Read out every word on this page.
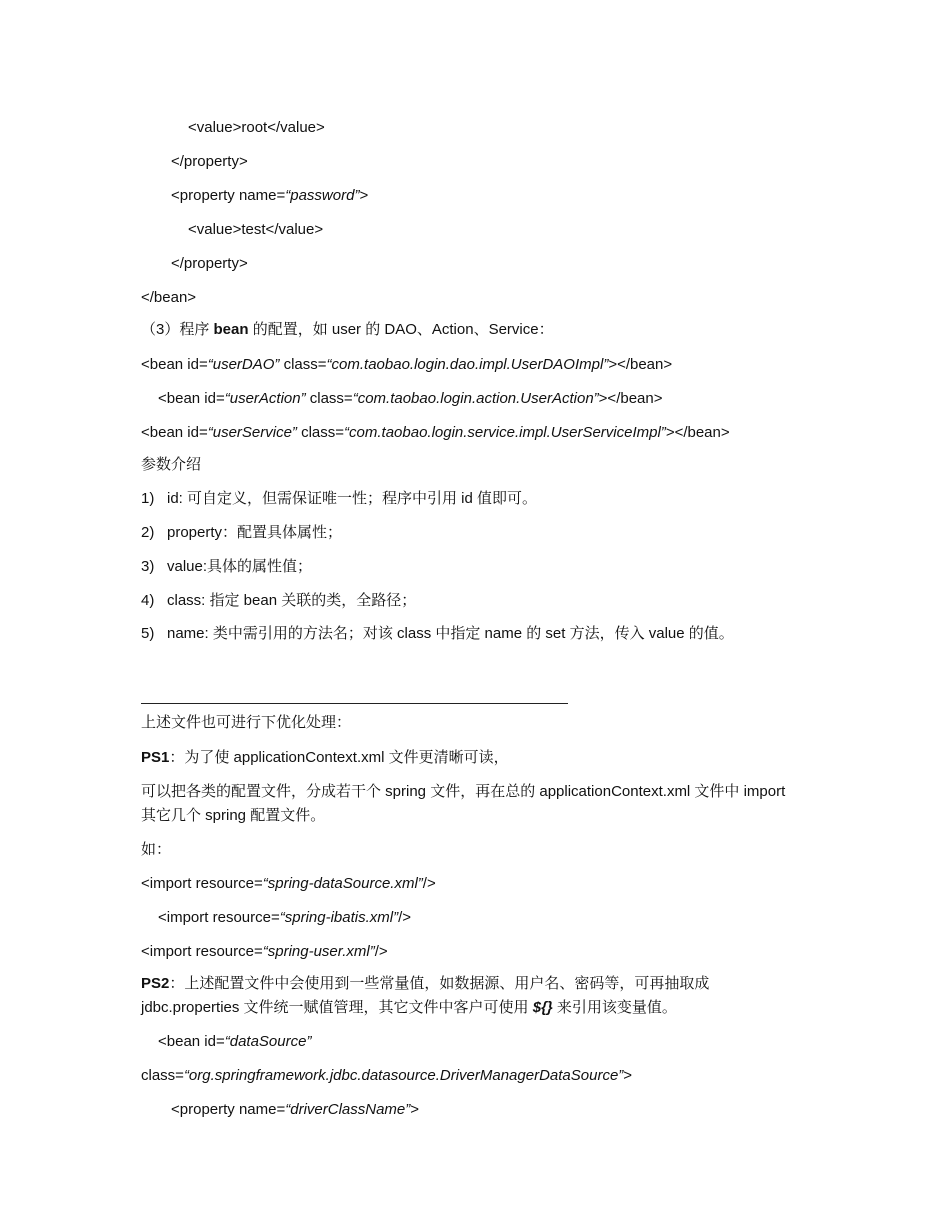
<value>root</value>
</property>
<property name=“password”>
<value>test</value>
</property>
</bean>
（3）程序 bean 的配置，如 user 的 DAO、Action、Service：
<bean id=“userDAO” class=“com.taobao.login.dao.impl.UserDAOImpl”></bean>
<bean id=“userAction” class=“com.taobao.login.action.UserAction”></bean>
<bean id=“userService” class=“com.taobao.login.service.impl.UserServiceImpl”></bean>
参数介绍
1) id: 可自定义，但需保证唯一性；程序中引用 id 值即可。
2) property：配置具体属性；
3) value:具体的属性值；
4) class: 指定 bean 关联的类，全路径；
5) name: 类中需引用的方法名；对该 class 中指定 name 的 set 方法，传入 value 的值。
上述文件也可进行下优化处理：
PS1：为了使 applicationContext.xml 文件更清晰可读，
可以把各类的配置文件，分成若干个 spring 文件，再在总的 applicationContext.xml 文件中 import
其它几个 spring 配置文件。
如：
<import resource=“spring-dataSource.xml”/>
<import resource=“spring-ibatis.xml”/>
<import resource=“spring-user.xml”/>
PS2：上述配置文件中会使用到一些常量值，如数据源、用户名、密码等，可再抽取成
jdbc.properties 文件统一赋值管理，其它文件中客户可使用 ${} 来引用该变量值。
<bean id=“dataSource”
class=“org.springframework.jdbc.datasource.DriverManagerDataSource”>
<property name=“driverClassName”>
